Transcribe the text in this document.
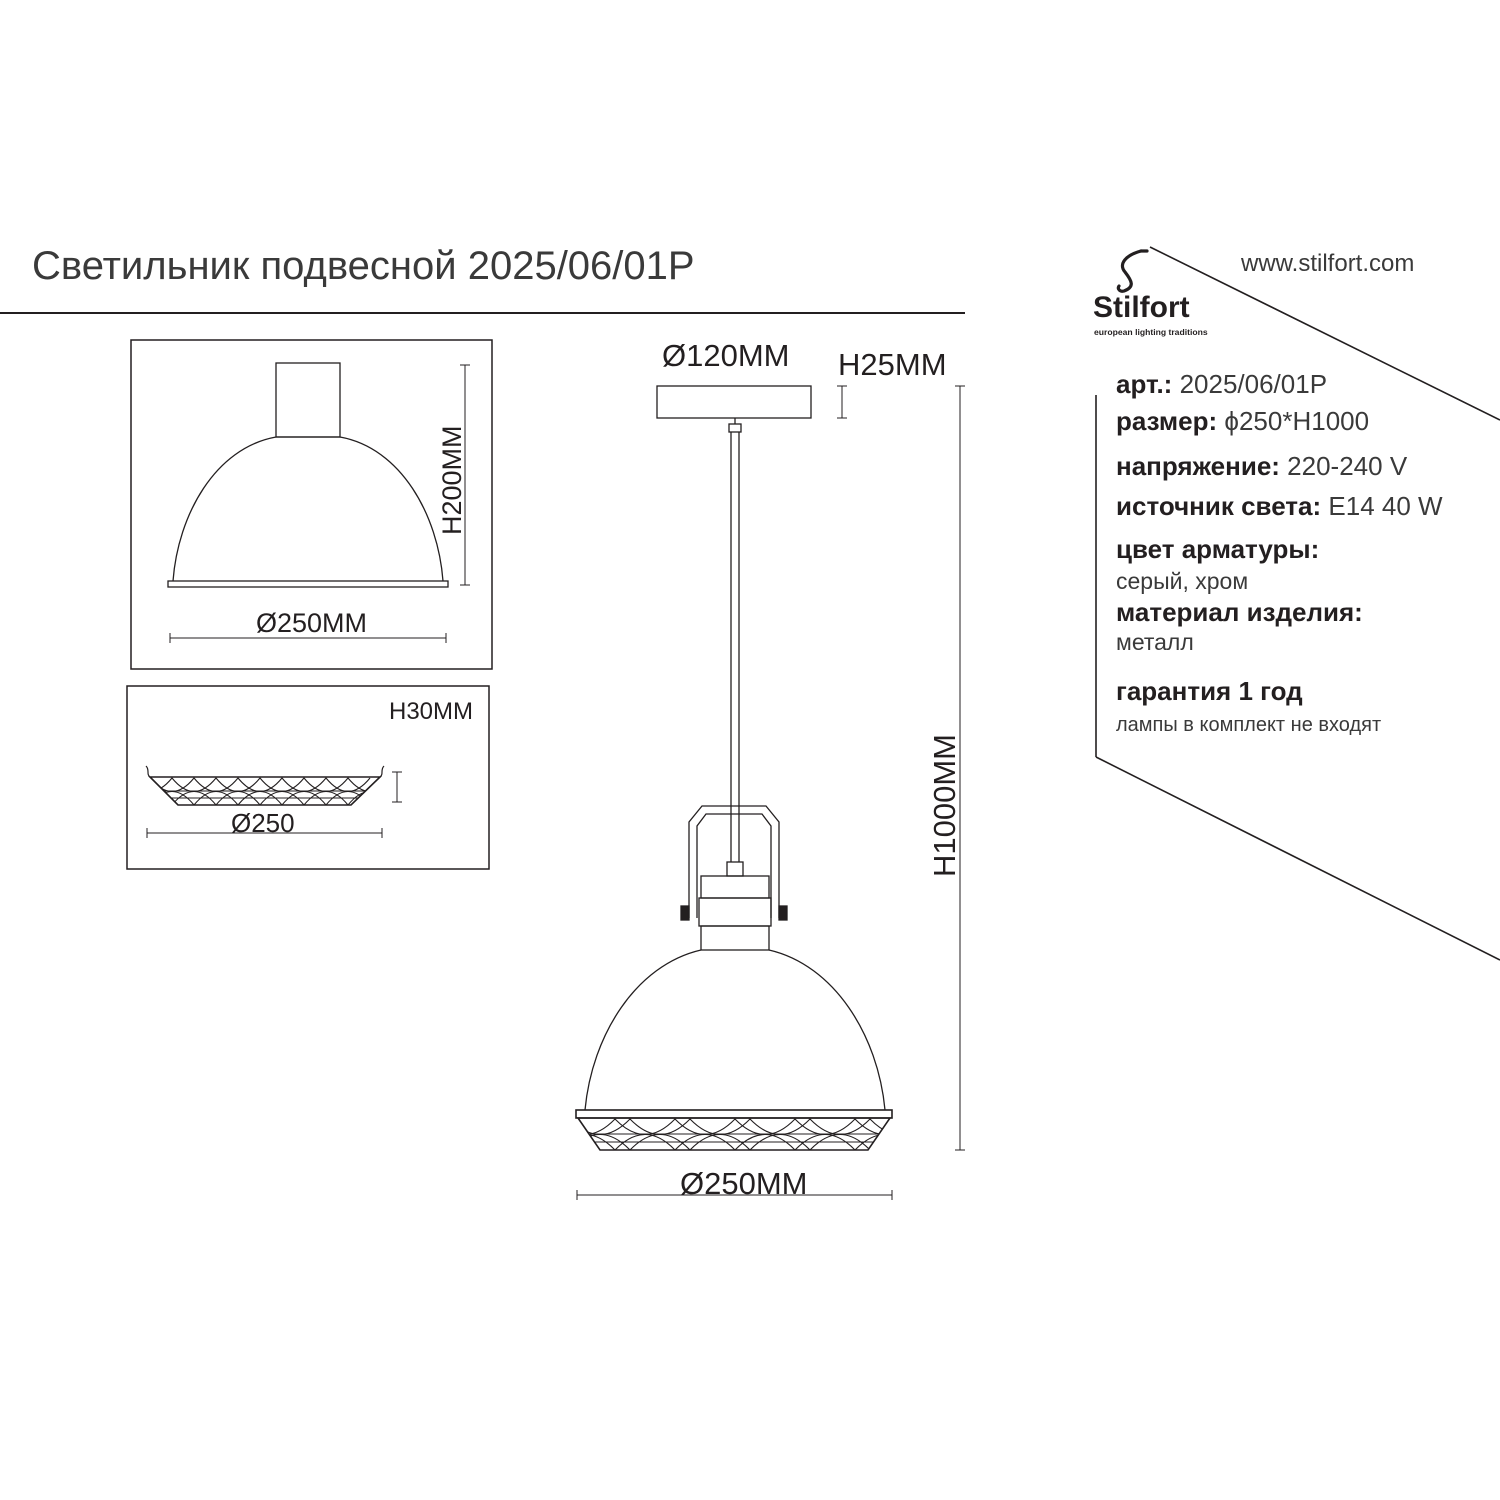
Светильник подвесной 2025/06/01P	www.stilfort.com
Stilfort
european lighting traditions
арт.: 2025/06/01P
размер: ϕ250*H1000
напряжение: 220-240 V
источник света: E14 40 W
цвет арматуры:
серый, хром
материал изделия:
металл
гарантия 1 год
лампы в комплект не входят
H200MM
Ø250MM
H30MM
Ø250
Ø120MM H25MM
H1000MM
Ø250MM
